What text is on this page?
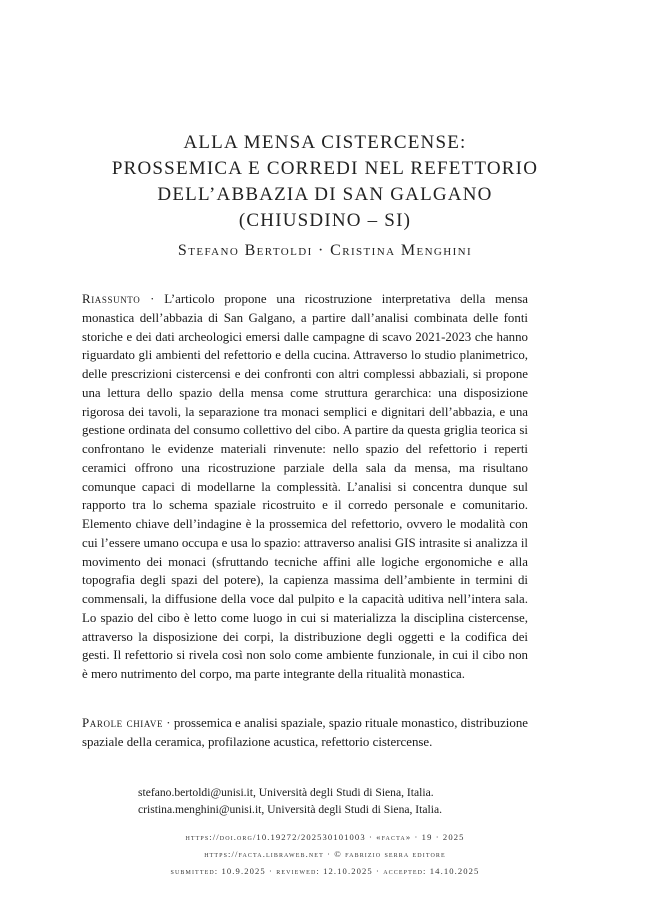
ALLA MENSA CISTERCENSE:
PROSSEMICA E CORREDI NEL REFETTORIO
DELL’ABBAZIA DI SAN GALGANO
(CHIUSDINO – SI)
Stefano Bertoldi · Cristina Menghini

Riassunto · L’articolo propone una ricostruzione interpretativa della mensa monastica dell’abbazia di San Galgano, a partire dall’analisi combinata delle fonti storiche e dei dati archeologici emersi dalle campagne di scavo 2021-2023 che hanno riguardato gli ambienti del refettorio e della cucina. Attraverso lo studio planimetrico, delle prescrizioni cistercensi e dei confronti con altri complessi abbaziali, si propone una lettura dello spazio della mensa come struttura gerarchica: una disposizione rigorosa dei tavoli, la separazione tra monaci semplici e dignitari dell’abbazia, e una gestione ordinata del consumo collettivo del cibo. A partire da questa griglia teorica si confrontano le evidenze materiali rinvenute: nello spazio del refettorio i reperti ceramici offrono una ricostruzione parziale della sala da mensa, ma risultano comunque capaci di modellarne la complessità. L’analisi si concentra dunque sul rapporto tra lo schema spaziale ricostruito e il corredo personale e comunitario. Elemento chiave dell’indagine è la prossemica del refettorio, ovvero le modalità con cui l’essere umano occupa e usa lo spazio: attraverso analisi GIS intrasite si analizza il movimento dei monaci (sfruttando tecniche affini alle logiche ergonomiche e alla topografia degli spazi del potere), la capienza massima dell’ambiente in termini di commensali, la diffusione della voce dal pulpito e la capacità uditiva nell’intera sala. Lo spazio del cibo è letto come luogo in cui si materializza la disciplina cistercense, attraverso la disposizione dei corpi, la distribuzione degli oggetti e la codifica dei gesti. Il refettorio si rivela così non solo come ambiente funzionale, in cui il cibo non è mero nutrimento del corpo, ma parte integrante della ritualità monastica.

Parole chiave · prossemica e analisi spaziale, spazio rituale monastico, distribuzione spaziale della ceramica, profilazione acustica, refettorio cistercense.

stefano.bertoldi@unisi.it, Università degli Studi di Siena, Italia.
cristina.menghini@unisi.it, Università degli Studi di Siena, Italia.
https://doi.org/10.19272/202530101003 · «facta» · 19 · 2025
https://facta.libraweb.net · © fabrizio serra editore
submitted: 10.9.2025 · reviewed: 12.10.2025 · accepted: 14.10.2025
